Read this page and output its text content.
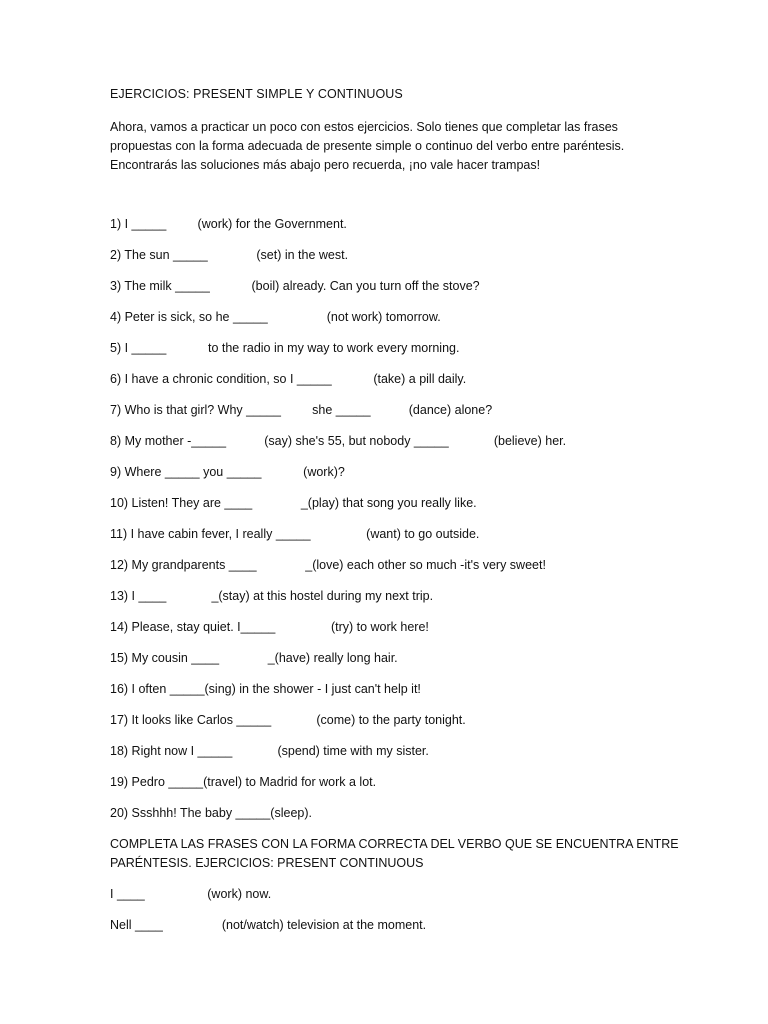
EJERCICIOS: PRESENT SIMPLE Y CONTINUOUS
Ahora, vamos a practicar un poco con estos ejercicios. Solo tienes que completar las frases
propuestas con la forma adecuada de presente simple o continuo del verbo entre paréntesis.
Encontrarás las soluciones más abajo pero recuerda, ¡no vale hacer trampas!
1) I _____         (work) for the Government.
2) The sun _____              (set) in the west.
3) The milk _____            (boil) already. Can you turn off the stove?
4) Peter is sick, so he _____                 (not work) tomorrow.
5) I _____            to the radio in my way to work every morning.
6) I have a chronic condition, so I _____            (take) a pill daily.
7) Who is that girl? Why _____         she _____           (dance) alone?
8) My mother -_____           (say) she's 55, but nobody _____             (believe) her.
9) Where _____ you _____            (work)?
10) Listen! They are ____              _(play) that song you really like.
11) I have cabin fever, I really _____                (want) to go outside.
12) My grandparents ____              _(love) each other so much -it's very sweet!
13) I ____             _(stay) at this hostel during my next trip.
14) Please, stay quiet. I_____                (try) to work here!
15) My cousin ____              _(have) really long hair.
16) I often _____(sing) in the shower - I just can't help it!
17) It looks like Carlos _____             (come) to the party tonight.
18) Right now I _____             (spend) time with my sister.
19) Pedro _____(travel) to Madrid for work a lot.
20) Ssshhh! The baby _____(sleep).
COMPLETA LAS FRASES CON LA FORMA CORRECTA DEL VERBO QUE SE ENCUENTRA ENTRE
PARÉNTESIS. EJERCICIOS: PRESENT CONTINUOUS
I ____                  (work) now.
Nell ____                 (not/watch) television at the moment.
